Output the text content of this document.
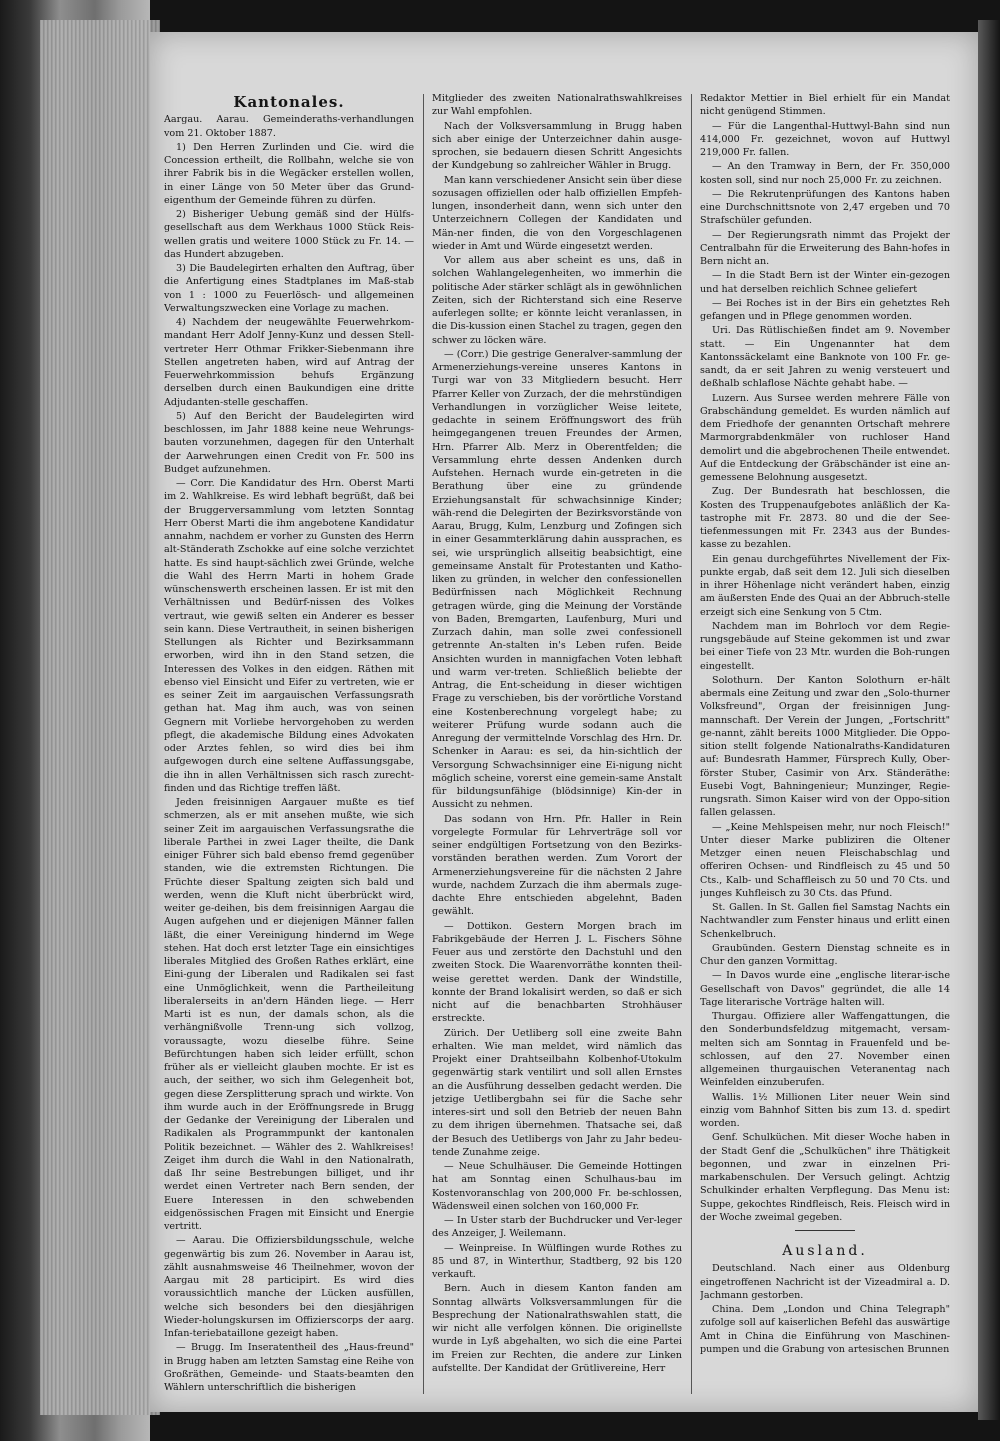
Kantonales.

Aargau. Aarau. Gemeinderaths-verhandlungen vom 21. Oktober 1887.

1) Den Herren Zurlinden und Cie. wird die Concession ertheilt, die Rollbahn, welche sie von ihrer Fabrik bis in die Wegäcker erstellen wollen, in einer Länge von 50 Meter über das Grund-eigenthum der Gemeinde führen zu dürfen.

2) Bisheriger Uebung gemäß sind der Hülfs-gesellschaft aus dem Werkhaus 1000 Stück Reis-wellen gratis und weitere 1000 Stück zu Fr. 14. — das Hundert abzugeben.

3) Die Baudelegirten erhalten den Auftrag, über die Anfertigung eines Stadtplanes im Maß-stab von 1 : 1000 zu Feuerlösch- und allgemeinen Verwaltungszwecken eine Vorlage zu machen.

4) Nachdem der neugewählte Feuerwehrkom-mandant Herr Adolf Jenny-Kunz und dessen Stell-vertreter Herr Othmar Frikker-Siebenmann ihre Stellen angetreten haben, wird auf Antrag der Feuerwehrkommission behufs Ergänzung derselben durch einen Baukundigen eine dritte Adjudanten-stelle geschaffen.

5) Auf den Bericht der Baudelegirten wird beschlossen, im Jahr 1888 keine neue Wehrungs-bauten vorzunehmen, dagegen für den Unterhalt der Aarwehrungen einen Credit von Fr. 500 ins Budget aufzunehmen.

— Corr. Die Kandidatur des Hrn. Oberst Marti im 2. Wahlkreise. Es wird lebhaft begrüßt, daß bei der Bruggerversammlung vom letzten Sonntag Herr Oberst Marti die ihm angebotene Kandidatur annahm, nachdem er vorher zu Gunsten des Herrn alt-Ständerath Zschokke auf eine solche verzichtet hatte. Es sind haupt-sächlich zwei Gründe, welche die Wahl des Herrn Marti in hohem Grade wünschenswerth erscheinen lassen. Er ist mit den Verhältnissen und Bedürf-nissen des Volkes vertraut, wie gewiß selten ein Anderer es besser sein kann. Diese Vertrautheit, in seinen bisherigen Stellungen als Richter und Bezirksammann erworben, wird ihn in den Stand setzen, die Interessen des Volkes in den eidgen. Räthen mit ebenso viel Einsicht und Eifer zu vertreten, wie er es seiner Zeit im aargauischen Verfassungsrath gethan hat. Mag ihm auch, was von seinen Gegnern mit Vorliebe hervorgehoben zu werden pflegt, die akademische Bildung eines Advokaten oder Arztes fehlen, so wird dies bei ihm aufgewogen durch eine seltene Auffassungsgabe, die ihn in allen Verhältnissen sich rasch zurecht-finden und das Richtige treffen läßt.

Jeden freisinnigen Aargauer mußte es tief schmerzen, als er mit ansehen mußte, wie sich seiner Zeit im aargauischen Verfassungsrathe die liberale Parthei in zwei Lager theilte, die Dank einiger Führer sich bald ebenso fremd gegenüber standen, wie die extremsten Richtungen. Die Früchte dieser Spaltung zeigten sich bald und werden, wenn die Kluft nicht überbrückt wird, weiter ge-deihen, bis dem freisinnigen Aargau die Augen aufgehen und er diejenigen Männer fallen läßt, die einer Vereinigung hindernd im Wege stehen. Hat doch erst letzter Tage ein einsichtiges liberales Mitglied des Großen Rathes erklärt, eine Eini-gung der Liberalen und Radikalen sei fast eine Unmöglichkeit, wenn die Partheileitung liberalerseits in an'dern Händen liege. — Herr Marti ist es nun, der damals schon, als die verhängnißvolle Trenn-ung sich vollzog, voraussagte, wozu dieselbe führe. Seine Befürchtungen haben sich leider erfüllt, schon früher als er vielleicht glauben mochte. Er ist es auch, der seither, wo sich ihm Gelegenheit bot, gegen diese Zersplitterung sprach und wirkte. Von ihm wurde auch in der Eröffnungsrede in Brugg der Gedanke der Vereinigung der Liberalen und Radikalen als Programmpunkt der kantonalen Politik bezeichnet. — Wähler des 2. Wahlkreises! Zeiget ihm durch die Wahl in den Nationalrath, daß Ihr seine Bestrebungen billiget, und ihr werdet einen Vertreter nach Bern senden, der Euere Interessen in den schwebenden eidgenössischen Fragen mit Einsicht und Energie vertritt.

— Aarau. Die Offiziersbildungsschule, welche gegenwärtig bis zum 26. November in Aarau ist, zählt ausnahmsweise 46 Theilnehmer, wovon der Aargau mit 28 participirt. Es wird dies voraussichtlich manche der Lücken ausfüllen, welche sich besonders bei den diesjährigen Wieder-holungskursen im Offizierscorps der aarg. Infan-teriebataillone gezeigt haben.

— Brugg. Im Inseratentheil des „Haus-freund" in Brugg haben am letzten Samstag eine Reihe von Großräthen, Gemeinde- und Staats-beamten den Wählern unterschriftlich die bisherigen

Mitglieder des zweiten Nationalrathswahlkreises zur Wahl empfohlen.

Nach der Volksversammlung in Brugg haben sich aber einige der Unterzeichner dahin ausge-sprochen, sie bedauern diesen Schritt Angesichts der Kundgebung so zahlreicher Wähler in Brugg.

Man kann verschiedener Ansicht sein über diese sozusagen offiziellen oder halb offiziellen Empfeh-lungen, insonderheit dann, wenn sich unter den Unterzeichnern Collegen der Kandidaten und Män-ner finden, die von den Vorgeschlagenen wieder in Amt und Würde eingesetzt werden.

Vor allem aus aber scheint es uns, daß in solchen Wahlangelegenheiten, wo immerhin die politische Ader stärker schlägt als in gewöhnlichen Zeiten, sich der Richterstand sich eine Reserve auferlegen sollte; er könnte leicht veranlassen, in die Dis-kussion einen Stachel zu tragen, gegen den schwer zu löcken wäre.

— (Corr.) Die gestrige Generalver-sammlung der Armenerziehungs-vereine unseres Kantons in Turgi war von 33 Mitgliedern besucht. Herr Pfarrer Keller von Zurzach, der die mehrstündigen Verhandlungen in vorzüglicher Weise leitete, gedachte in seinem Eröffnungswort des früh heimgegangenen treuen Freundes der Armen, Hrn. Pfarrer Alb. Merz in Oberentfelden; die Versammlung ehrte dessen Andenken durch Aufstehen. Hernach wurde ein-getreten in die Berathung über eine zu gründende Erziehungsanstalt für schwachsinnige Kinder; wäh-rend die Delegirten der Bezirksvorstände von Aarau, Brugg, Kulm, Lenzburg und Zofingen sich in einer Gesammterklärung dahin aussprachen, es sei, wie ursprünglich allseitig beabsichtigt, eine gemeinsame Anstalt für Protestanten und Katho-liken zu gründen, in welcher den confessionellen Bedürfnissen nach Möglichkeit Rechnung getragen würde, ging die Meinung der Vorstände von Baden, Bremgarten, Laufenburg, Muri und Zurzach dahin, man solle zwei confessionell getrennte An-stalten in's Leben rufen. Beide Ansichten wurden in mannigfachen Voten lebhaft und warm ver-treten. Schließlich beliebte der Antrag, die Ent-scheidung in dieser wichtigen Frage zu verschieben, bis der vorörtliche Vorstand eine Kostenberechnung vorgelegt habe; zu weiterer Prüfung wurde sodann auch die Anregung der vermittelnde Vorschlag des Hrn. Dr. Schenker in Aarau: es sei, da hin-sichtlich der Versorgung Schwachsinniger eine Ei-nigung nicht möglich scheine, vorerst eine gemein-same Anstalt für bildungsunfähige (blödsinnige) Kin-der in Aussicht zu nehmen.

Das sodann von Hrn. Pfr. Haller in Rein vorgelegte Formular für Lehrverträge soll vor seiner endgültigen Fortsetzung von den Bezirks-vorständen berathen werden. Zum Vorort der Armenerziehungsvereine für die nächsten 2 Jahre wurde, nachdem Zurzach die ihm abermals zuge-dachte Ehre entschieden abgelehnt, Baden gewählt.

— Dottikon. Gestern Morgen brach im Fabrikgebäude der Herren J. L. Fischers Söhne Feuer aus und zerstörte den Dachstuhl und den zweiten Stock. Die Waarenvorräthe konnten theil-weise gerettet werden. Dank der Windstille, konnte der Brand lokalisirt werden, so daß er sich nicht auf die benachbarten Strohhäuser erstreckte.

Zürich. Der Uetliberg soll eine zweite Bahn erhalten. Wie man meldet, wird nämlich das Projekt einer Drahtseilbahn Kolbenhof-Utokulm gegenwärtig stark ventilirt und soll allen Ernstes an die Ausführung desselben gedacht werden. Die jetzige Uetlibergbahn sei für die Sache sehr interes-sirt und soll den Betrieb der neuen Bahn zu dem ihrigen übernehmen. Thatsache sei, daß der Besuch des Uetlibergs von Jahr zu Jahr bedeu-tende Zunahme zeige.

— Neue Schulhäuser. Die Gemeinde Hottingen hat am Sonntag einen Schulhaus-bau im Kostenvoranschlag von 200,000 Fr. be-schlossen, Wädensweil einen solchen von 160,000 Fr.

— In Uster starb der Buchdrucker und Ver-leger des Anzeiger, J. Weilemann.

— Weinpreise. In Wülflingen wurde Rothes zu 85 und 87, in Winterthur, Stadtberg, 92 bis 120 verkauft.

Bern. Auch in diesem Kanton fanden am Sonntag allwärts Volksversammlungen für die Besprechung der Nationalrathswahlen statt, die wir nicht alle verfolgen können. Die originellste wurde in Lyß abgehalten, wo sich die eine Partei im Freien zur Rechten, die andere zur Linken aufstellte. Der Kandidat der Grütlivereine, Herr

Redaktor Mettier in Biel erhielt für ein Mandat nicht genügend Stimmen.

— Für die Langenthal-Huttwyl-Bahn sind nun 414,000 Fr. gezeichnet, wovon auf Huttwyl 219,000 Fr. fallen.

— An den Tramway in Bern, der Fr. 350,000 kosten soll, sind nur noch 25,000 Fr. zu zeichnen.

— Die Rekrutenprüfungen des Kantons haben eine Durchschnittsnote von 2,47 ergeben und 70 Strafschüler gefunden.

— Der Regierungsrath nimmt das Projekt der Centralbahn für die Erweiterung des Bahn-hofes in Bern nicht an.

— In die Stadt Bern ist der Winter ein-gezogen und hat derselben reichlich Schnee geliefert

— Bei Roches ist in der Birs ein gehetztes Reh gefangen und in Pflege genommen worden.

Uri. Das Rütlischießen findet am 9. November statt. — Ein Ungenannter hat dem Kantonssäckelamt eine Banknote von 100 Fr. ge-sandt, da er seit Jahren zu wenig versteuert und deßhalb schlaflose Nächte gehabt habe. —

Luzern. Aus Sursee werden mehrere Fälle von Grabschändung gemeldet. Es wurden nämlich auf dem Friedhofe der genannten Ortschaft mehrere Marmorgrabdenkmäler von ruchloser Hand demolirt und die abgebrochenen Theile entwendet. Auf die Entdeckung der Gräbschänder ist eine an-gemessene Belohnung ausgesetzt.

Zug. Der Bundesrath hat beschlossen, die Kosten des Truppenaufgebotes anläßlich der Ka-tastrophe mit Fr. 2873. 80 und die der See-tiefenmessungen mit Fr. 2343 aus der Bundes-kasse zu bezahlen.

Ein genau durchgeführtes Nivellement der Fix-punkte ergab, daß seit dem 12. Juli sich dieselben in ihrer Höhenlage nicht verändert haben, einzig am äußersten Ende des Quai an der Abbruch-stelle erzeigt sich eine Senkung von 5 Ctm.

Nachdem man im Bohrloch vor dem Regie-rungsgebäude auf Steine gekommen ist und zwar bei einer Tiefe von 23 Mtr. wurden die Boh-rungen eingestellt.

Solothurn. Der Kanton Solothurn er-hält abermals eine Zeitung und zwar den „Solo-thurner Volksfreund", Organ der freisinnigen Jung-mannschaft. Der Verein der Jungen, „Fortschritt" ge-nannt, zählt bereits 1000 Mitglieder. Die Oppo-sition stellt folgende Nationalraths-Kandidaturen auf: Bundesrath Hammer, Fürsprech Kully, Ober-förster Stuber, Casimir von Arx. Ständeräthe: Eusebi Vogt, Bahningenieur; Munzinger, Regie-rungsrath. Simon Kaiser wird von der Oppo-sition fallen gelassen.

— „Keine Mehlspeisen mehr, nur noch Fleisch!" Unter dieser Marke publiziren die Oltener Metzger einen neuen Fleischabschlag und offeriren Ochsen- und Rindfleisch zu 45 und 50 Cts., Kalb- und Schaffleisch zu 50 und 70 Cts. und junges Kuhfleisch zu 30 Cts. das Pfund.

St. Gallen. In St. Gallen fiel Samstag Nachts ein Nachtwandler zum Fenster hinaus und erlitt einen Schenkelbruch.

Graubünden. Gestern Dienstag schneite es in Chur den ganzen Vormittag.

— In Davos wurde eine „englische literar-ische Gesellschaft von Davos" gegründet, die alle 14 Tage literarische Vorträge halten will.

Thurgau. Offiziere aller Waffengattungen, die den Sonderbundsfeldzug mitgemacht, versam-melten sich am Sonntag in Frauenfeld und be-schlossen, auf den 27. November einen allgemeinen thurgauischen Veteranentag nach Weinfelden einzuberufen.

Wallis. 1½ Millionen Liter neuer Wein sind einzig vom Bahnhof Sitten bis zum 13. d. spedirt worden.

Genf. Schulküchen. Mit dieser Woche haben in der Stadt Genf die „Schulküchen" ihre Thätigkeit begonnen, und zwar in einzelnen Pri-markabenschulen. Der Versuch gelingt. Achtzig Schulkinder erhalten Verpflegung. Das Menu ist: Suppe, gekochtes Rindfleisch, Reis. Fleisch wird in der Woche zweimal gegeben.

Ausland.

Deutschland. Nach einer aus Oldenburg eingetroffenen Nachricht ist der Vizeadmiral a. D. Jachmann gestorben.

China. Dem „London und China Telegraph" zufolge soll auf kaiserlichen Befehl das auswärtige Amt in China die Einführung von Maschinen-pumpen und die Grabung von artesischen Brunnen
